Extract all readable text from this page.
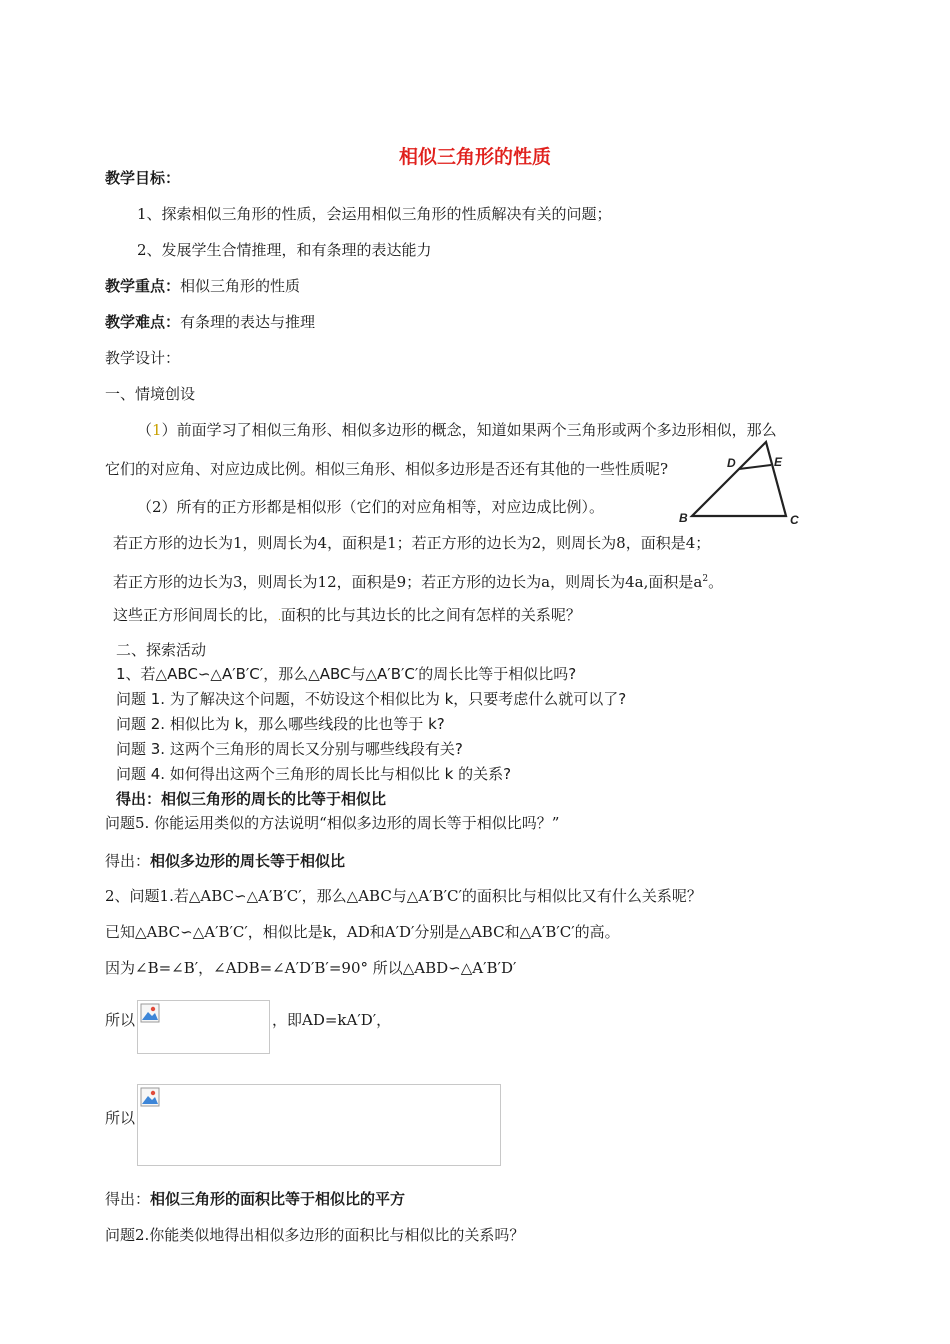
相似三角形的性质
教学目标：
1、探索相似三角形的性质，会运用相似三角形的性质解决有关的问题；
2、发展学生合情推理，和有条理的表达能力
教学重点：相似三角形的性质
教学难点：有条理的表达与推理
教学设计：
一、情境创设
（1）前面学习了相似三角形、相似多边形的概念，知道如果两个三角形或两个多边形相似，那么
它们的对应角、对应边成比例。相似三角形、相似多边形是否还有其他的一些性质呢?
（2）所有的正方形都是相似形（它们的对应角相等，对应边成比例）。
D	E
B	C
若正方形的边长为1，则周长为4，面积是1；若正方形的边长为2，则周长为8，面积是4；
若正方形的边长为3，则周长为12，面积是9；若正方形的边长为a，则周长为4a,面积是$a^2$。
这些正方形间周长的比，.面积的比与其边长的比之间有怎样的关系呢？
二、探索活动
1、若△ABC∽△A′B′C′，那么△ABC与△A′B′C′的周长比等于相似比吗?
问题 1. 为了解决这个问题，不妨设这个相似比为 k，只要考虑什么就可以了?
问题 2. 相似比为 k，那么哪些线段的比也等于 k?
问题 3. 这两个三角形的周长又分别与哪些线段有关?
问题 4. 如何得出这两个三角形的周长比与相似比 k 的关系?
得出：相似三角形的周长的比等于相似比
问题5. 你能运用类似的方法说明“相似多边形的周长等于相似比吗？”
得出：相似多边形的周长等于相似比
2、问题1.若△ABC∽△A′B′C′，那么△ABC与△A′B′C′的面积比与相似比又有什么关系呢？
已知△ABC∽△A′B′C′，相似比是k，AD和A′D′分别是△ABC和△A′B′C′的高。
因为∠B=∠B′，∠ADB=∠A′D′B′=90° 所以△ABD∽△A′B′D′
所以	，即AD=kA′D′，
所以
得出：相似三角形的面积比等于相似比的平方
问题2.你能类似地得出相似多边形的面积比与相似比的关系吗？
